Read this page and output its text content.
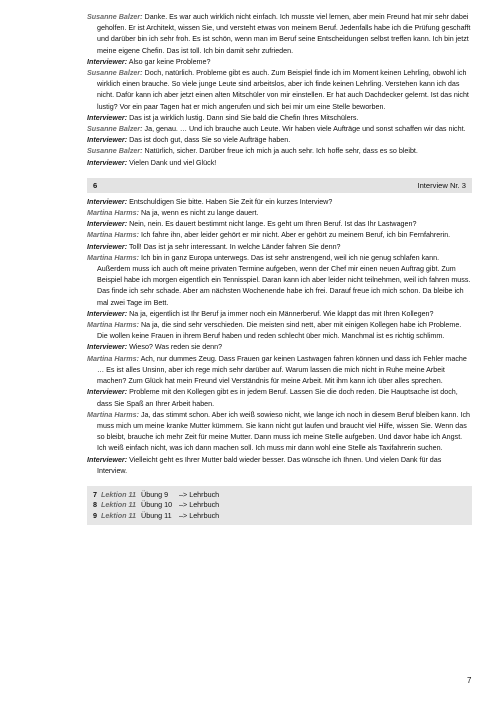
Susanne Balzer: Danke. Es war auch wirklich nicht einfach. Ich musste viel lernen, aber mein Freund hat mir sehr dabei geholfen. Er ist Architekt, wissen Sie, und versteht etwas von meinem Beruf. Jedenfalls habe ich die Prüfung geschafft und darüber bin ich sehr froh. Es ist schön, wenn man im Beruf seine Entscheidungen selbst treffen kann. Ich bin jetzt meine eigene Chefin. Das ist toll. Ich bin damit sehr zufrieden.

Interviewer: Also gar keine Probleme?

Susanne Balzer: Doch, natürlich. Probleme gibt es auch. Zum Beispiel finde ich im Moment keinen Lehrling, obwohl ich wirklich einen brauche. So viele junge Leute sind arbeitslos, aber ich finde keinen Lehrling. Verstehen kann ich das nicht. Dafür kann ich aber jetzt einen alten Mitschüler von mir einstellen. Er hat auch Dachdecker gelernt. Ist das nicht lustig? Vor ein paar Tagen hat er mich angerufen und sich bei mir um eine Stelle beworben.

Interviewer: Das ist ja wirklich lustig. Dann sind Sie bald die Chefin Ihres Mitschülers.

Susanne Balzer: Ja, genau. … Und ich brauche auch Leute. Wir haben viele Aufträge und sonst schaffen wir das nicht.

Interviewer: Das ist doch gut, dass Sie so viele Aufträge haben.

Susanne Balzer: Natürlich, sicher. Darüber freue ich mich ja auch sehr. Ich hoffe sehr, dass es so bleibt.

Interviewer: Vielen Dank und viel Glück!

6	Interview Nr. 3

Interviewer: Entschuldigen Sie bitte. Haben Sie Zeit für ein kurzes Interview?

Martina Harms: Na ja, wenn es nicht zu lange dauert.

Interviewer: Nein, nein. Es dauert bestimmt nicht lange. Es geht um Ihren Beruf. Ist das Ihr Lastwagen?

Martina Harms: Ich fahre ihn, aber leider gehört er mir nicht. Aber er gehört zu meinem Beruf, ich bin Fernfahrerin.

Interviewer: Toll! Das ist ja sehr interessant. In welche Länder fahren Sie denn?

Martina Harms: Ich bin in ganz Europa unterwegs. Das ist sehr anstrengend, weil ich nie genug schlafen kann. Außerdem muss ich auch oft meine privaten Termine aufgeben, wenn der Chef mir einen neuen Auftrag gibt. Zum Beispiel habe ich morgen eigentlich ein Tennisspiel. Daran kann ich aber leider nicht teilnehmen, weil ich fahren muss. Das finde ich sehr schade. Aber am nächsten Wochenende habe ich frei. Darauf freue ich mich schon. Da bleibe ich mal zwei Tage im Bett.

Interviewer: Na ja, eigentlich ist Ihr Beruf ja immer noch ein Männerberuf. Wie klappt das mit Ihren Kollegen?

Martina Harms: Na ja, die sind sehr verschieden. Die meisten sind nett, aber mit einigen Kollegen habe ich Probleme. Die wollen keine Frauen in ihrem Beruf haben und reden schlecht über mich. Manchmal ist es richtig schlimm.

Interviewer: Wieso? Was reden sie denn?

Martina Harms: Ach, nur dummes Zeug. Dass Frauen gar keinen Lastwagen fahren können und dass ich Fehler mache … Es ist alles Unsinn, aber ich rege mich sehr darüber auf. Warum lassen die mich nicht in Ruhe meine Arbeit machen? Zum Glück hat mein Freund viel Verständnis für meine Arbeit. Mit ihm kann ich über alles sprechen.

Interviewer: Probleme mit den Kollegen gibt es in jedem Beruf. Lassen Sie die doch reden. Die Hauptsache ist doch, dass Sie Spaß an Ihrer Arbeit haben.

Martina Harms: Ja, das stimmt schon. Aber ich weiß sowieso nicht, wie lange ich noch in diesem Beruf bleiben kann. Ich muss mich um meine kranke Mutter kümmern. Sie kann nicht gut laufen und braucht viel Hilfe, wissen Sie. Wenn das so bleibt, brauche ich mehr Zeit für meine Mutter. Dann muss ich meine Stelle aufgeben. Und davor habe ich Angst. Ich weiß einfach nicht, was ich dann machen soll. Ich muss mir dann wohl eine Stelle als Taxifahrerin suchen.

Interviewer: Vielleicht geht es Ihrer Mutter bald wieder besser. Das wünsche ich Ihnen. Und vielen Dank für das Interview.

7 Lektion 11 Übung 9	–> Lehrbuch
8 Lektion 11 Übung 10 –> Lehrbuch
9 Lektion 11 Übung 11	–> Lehrbuch
7
